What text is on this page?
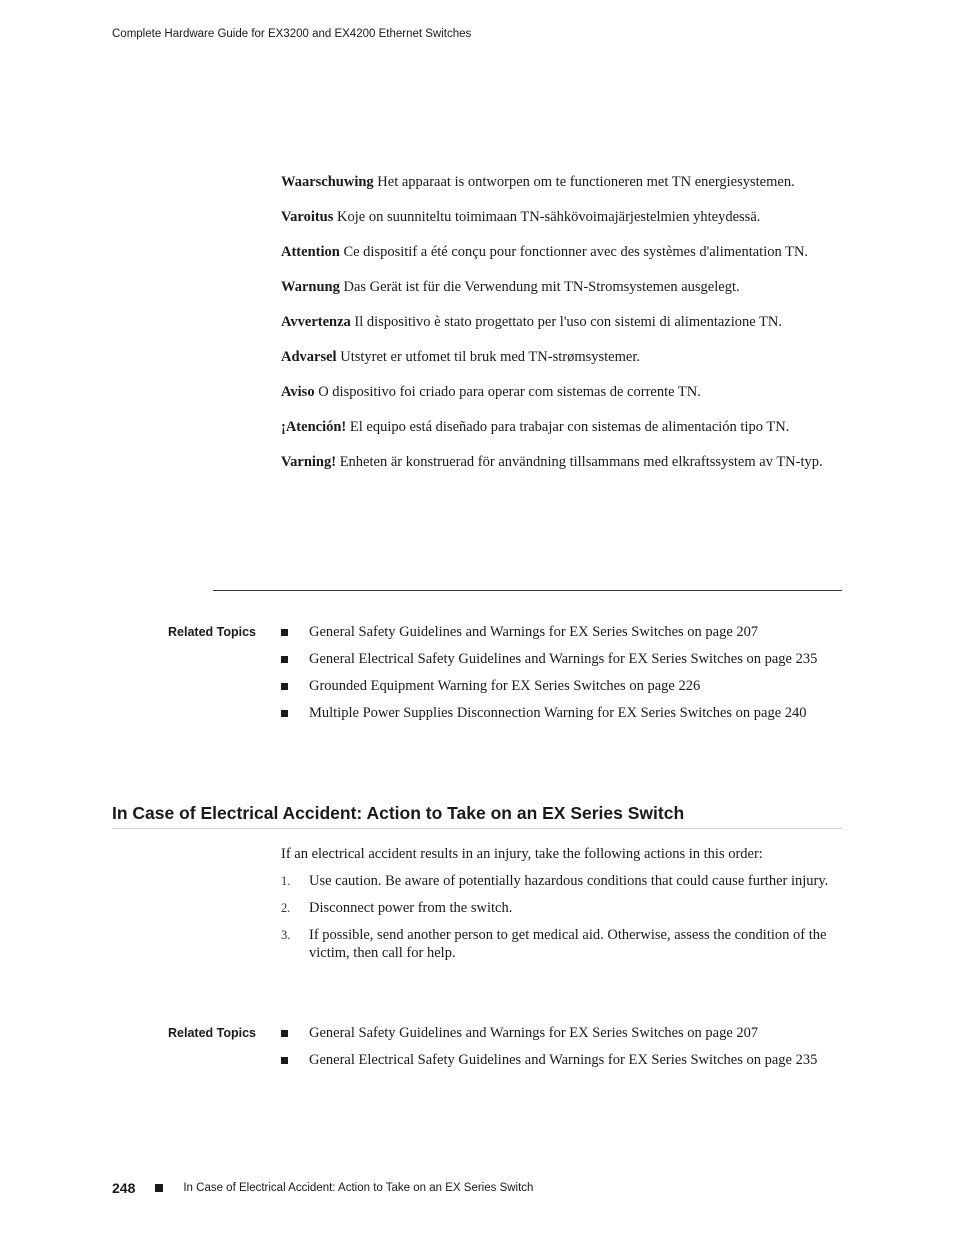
Complete Hardware Guide for EX3200 and EX4200 Ethernet Switches

Waarschuwing Het apparaat is ontworpen om te functioneren met TN energiesystemen.

Varoitus Koje on suunniteltu toimimaan TN-sähkövoimajärjestelmien yhteydessä.

Attention Ce dispositif a été conçu pour fonctionner avec des systèmes d'alimentation TN.

Warnung Das Gerät ist für die Verwendung mit TN-Stromsystemen ausgelegt.

Avvertenza Il dispositivo è stato progettato per l'uso con sistemi di alimentazione TN.

Advarsel Utstyret er utfomet til bruk med TN-strømsystemer.

Aviso O dispositivo foi criado para operar com sistemas de corrente TN.

¡Atención! El equipo está diseñado para trabajar con sistemas de alimentación tipo TN.

Varning! Enheten är konstruerad för användning tillsammans med elkraftssystem av TN-typ.

Related Topics	General Safety Guidelines and Warnings for EX Series Switches on page 207
General Electrical Safety Guidelines and Warnings for EX Series Switches on page 235
Grounded Equipment Warning for EX Series Switches on page 226
Multiple Power Supplies Disconnection Warning for EX Series Switches on page 240
In Case of Electrical Accident: Action to Take on an EX Series Switch

If an electrical accident results in an injury, take the following actions in this order:

1. Use caution. Be aware of potentially hazardous conditions that could cause further injury.
2. Disconnect power from the switch.
3. If possible, send another person to get medical aid. Otherwise, assess the condition of the victim, then call for help.
Related Topics	General Safety Guidelines and Warnings for EX Series Switches on page 207
General Electrical Safety Guidelines and Warnings for EX Series Switches on page 235
248	In Case of Electrical Accident: Action to Take on an EX Series Switch
